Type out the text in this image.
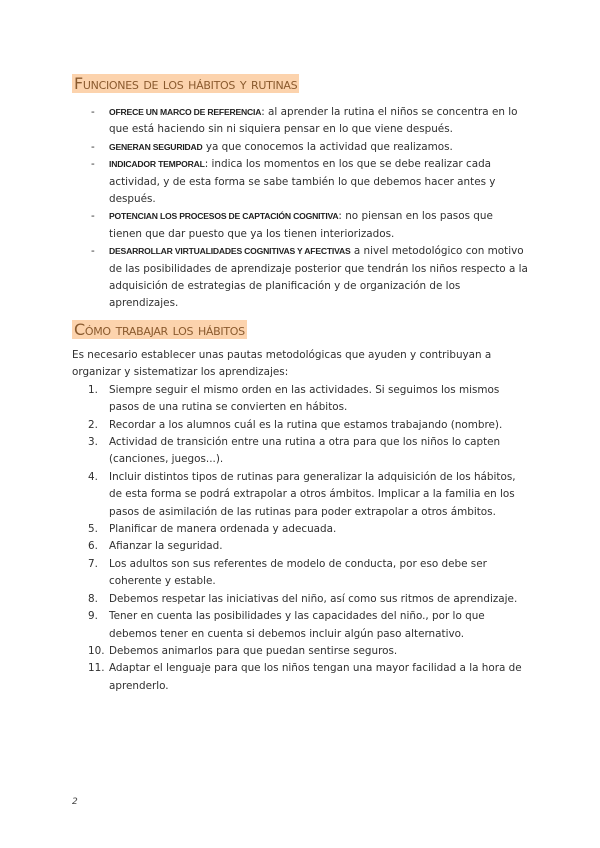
Funciones de los hábitos y rutinas
- OFRECE UN MARCO DE REFERENCIA: al aprender la rutina el niños se concentra en lo que está haciendo sin ni siquiera pensar en lo que viene después.
- GENERAN SEGURIDAD ya que conocemos la actividad que realizamos.
- INDICADOR TEMPORAL: indica los momentos en los que se debe realizar cada actividad, y de esta forma se sabe también lo que debemos hacer antes y después.
- POTENCIAN LOS PROCESOS DE CAPTACIÓN COGNITIVA: no piensan en los pasos que tienen que dar puesto que ya los tienen interiorizados.
- DESARROLLAR VIRTUALIDADES COGNITIVAS Y AFECTIVAS a nivel metodológico con motivo de las posibilidades de aprendizaje posterior que tendrán los niños respecto a la adquisición de estrategias de planificación y de organización de los aprendizajes.
Cómo trabajar los hábitos

Es necesario establecer unas pautas metodológicas que ayuden y contribuyan a organizar y sistematizar los aprendizajes:

1.	Siempre seguir el mismo orden en las actividades. Si seguimos los mismos pasos de una rutina se convierten en hábitos.
2.	Recordar a los alumnos cuál es la rutina que estamos trabajando (nombre).
3.	Actividad de transición entre una rutina a otra para que los niños lo capten (canciones, juegos...).
4.	Incluir distintos tipos de rutinas para generalizar la adquisición de los hábitos, de esta forma se podrá extrapolar a otros ámbitos. Implicar a la familia en los pasos de asimilación de las rutinas para poder extrapolar a otros ámbitos.
5.	Planificar de manera ordenada y adecuada.
6.	Afianzar la seguridad.
7.	Los adultos son sus referentes de modelo de conducta, por eso debe ser coherente y estable.
8.	Debemos respetar las iniciativas del niño, así como sus ritmos de aprendizaje.
9.	Tener en cuenta las posibilidades y las capacidades del niño., por lo que debemos tener en cuenta si debemos incluir algún paso alternativo.
10. Debemos animarlos para que puedan sentirse seguros.
11. Adaptar el lenguaje para que los niños tengan una mayor facilidad a la hora de aprenderlo.
2
